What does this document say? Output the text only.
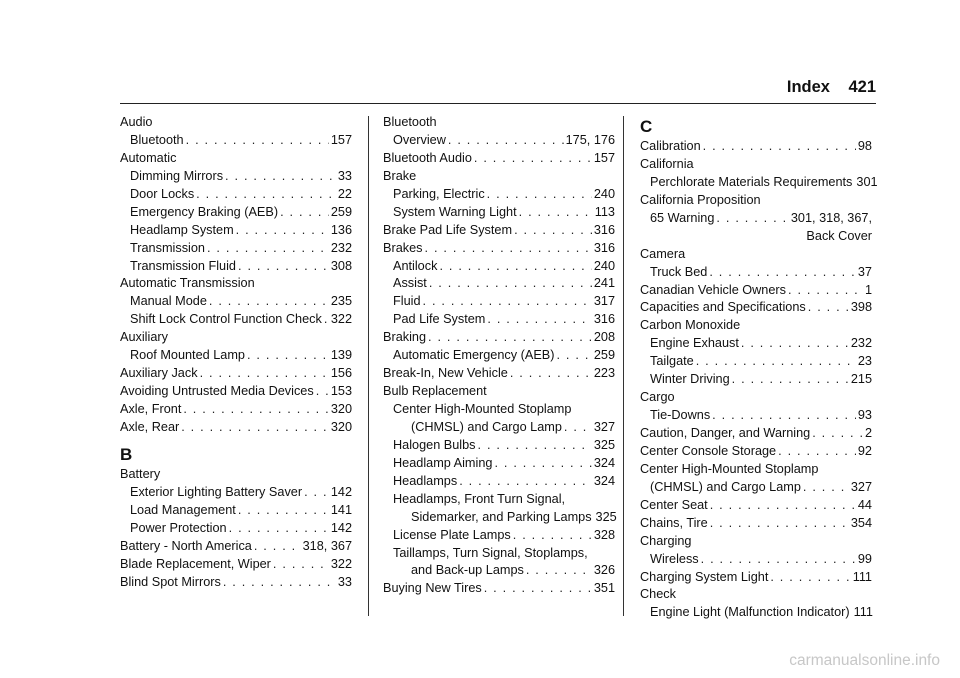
Index 421
Audio
Bluetooth . . .	157
Automatic
Dimming Mirrors . . .	33
Door Locks . . .	22
Emergency Braking (AEB) . . .	259
Headlamp System . . .	136
Transmission . . .	232
Transmission Fluid . . .	308
Automatic Transmission
Manual Mode . . .	235
Shift Lock Control Function Check . . . 322
Auxiliary
Roof Mounted Lamp . . .	139
Auxiliary Jack . . .	156
Avoiding Untrusted Media Devices . . . 153
Axle, Front . . .	320
Axle, Rear . . .	320
B
Battery
Exterior Lighting Battery Saver . . . 142
Load Management . . .	141
Power Protection . . .	142
Battery - North America . . .	318, 367
Blade Replacement, Wiper . . .	322
Blind Spot Mirrors . . .	33
Bluetooth
Overview . . .	175, 176
Bluetooth Audio . . .	157
Brake
Parking, Electric . . .	240
System Warning Light . . .	113
Brake Pad Life System . . .	316
Brakes . . .	316
Antilock . . .	240
Assist . . .	241
Fluid . . .	317
Pad Life System . . .	316
Braking . . .	208
Automatic Emergency (AEB) . . .	259
Break-In, New Vehicle . . .	223
Bulb Replacement
Center High-Mounted Stoplamp
(CHMSL) and Cargo Lamp . . .	327
Halogen Bulbs . . .	325
Headlamp Aiming . . .	324
Headlamps . . .	324
Headlamps, Front Turn Signal,
Sidemarker, and Parking Lamps 325
License Plate Lamps . . .	328
Taillamps, Turn Signal, Stoplamps,
and Back-up Lamps . . .	326
Buying New Tires . . .	351
C
Calibration . . .	98
California
Perchlorate Materials Requirements 301
California Proposition
65 Warning . . .	301, 318, 367,
Back Cover
Camera
Truck Bed . . .	37
Canadian Vehicle Owners . . .	1
Capacities and Specifications . . .	398
Carbon Monoxide
Engine Exhaust . . .	232
Tailgate . . .	23
Winter Driving . . .	215
Cargo
Tie-Downs . . .	93
Caution, Danger, and Warning . . .	2
Center Console Storage . . .	92
Center High-Mounted Stoplamp
(CHMSL) and Cargo Lamp . . .	327
Center Seat . . .	44
Chains, Tire . . .	354
Charging
Wireless . . .	99
Charging System Light . . .	111
Check
Engine Light (Malfunction Indicator) 111
carmanualsonline.info
